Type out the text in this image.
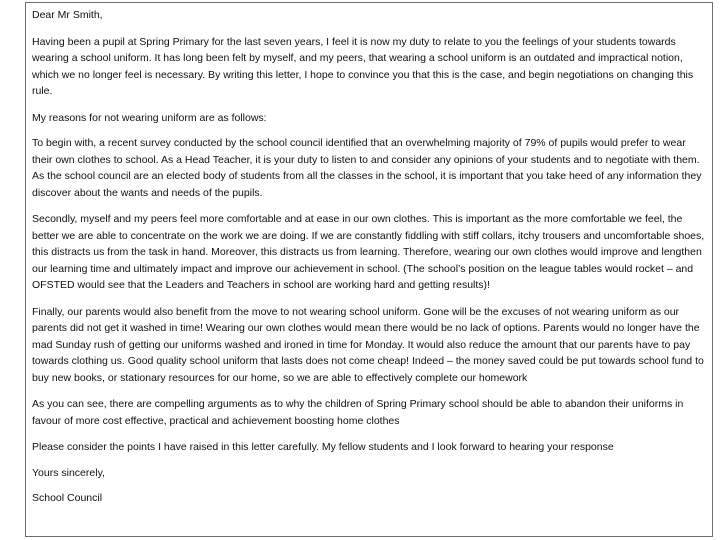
Dear Mr Smith,

Having been a pupil at Spring Primary for the last seven years, I feel it is now my duty to relate to you the feelings of your students towards wearing a school uniform. It has long been felt by myself, and my peers, that wearing a school uniform is an outdated and impractical notion, which we no longer feel is necessary. By writing this letter, I hope to convince you that this is the case, and begin negotiations on changing this rule.

My reasons for not wearing uniform are as follows:

To begin with, a recent survey conducted by the school council identified that an overwhelming majority of 79% of pupils would prefer to wear their own clothes to school. As a Head Teacher, it is your duty to listen to and consider any opinions of your students and to negotiate with them. As the school council are an elected body of students from all the classes in the school, it is important that you take heed of any information they discover about the wants and needs of the pupils.

Secondly, myself and my peers feel more comfortable and at ease in our own clothes. This is important as the more comfortable we feel, the better we are able to concentrate on the work we are doing. If we are constantly fiddling with stiff collars, itchy trousers and uncomfortable shoes, this distracts us from the task in hand. Moreover, this distracts us from learning. Therefore, wearing our own clothes would improve and lengthen our learning time and ultimately impact and improve our achievement in school. (The school’s position on the league tables would rocket – and OFSTED would see that the Leaders and Teachers in school are working hard and getting results)!

Finally, our parents would also benefit from the move to not wearing school uniform. Gone will be the excuses of not wearing uniform as our parents did not get it washed in time! Wearing our own clothes would mean there would be no lack of options. Parents would no longer have the mad Sunday rush of getting our uniforms washed and ironed in time for Monday. It would also reduce the amount that our parents have to pay towards clothing us. Good quality school uniform that lasts does not come cheap! Indeed – the money saved could be put towards school fund to buy new books, or stationary resources for our home, so we are able to effectively complete our homework

As you can see, there are compelling arguments as to why the children of Spring Primary school should be able to abandon their uniforms in favour of more cost effective, practical and achievement boosting home clothes

Please consider the points I have raised in this letter carefully. My fellow students and I look forward to hearing your response

Yours sincerely,

School Council
